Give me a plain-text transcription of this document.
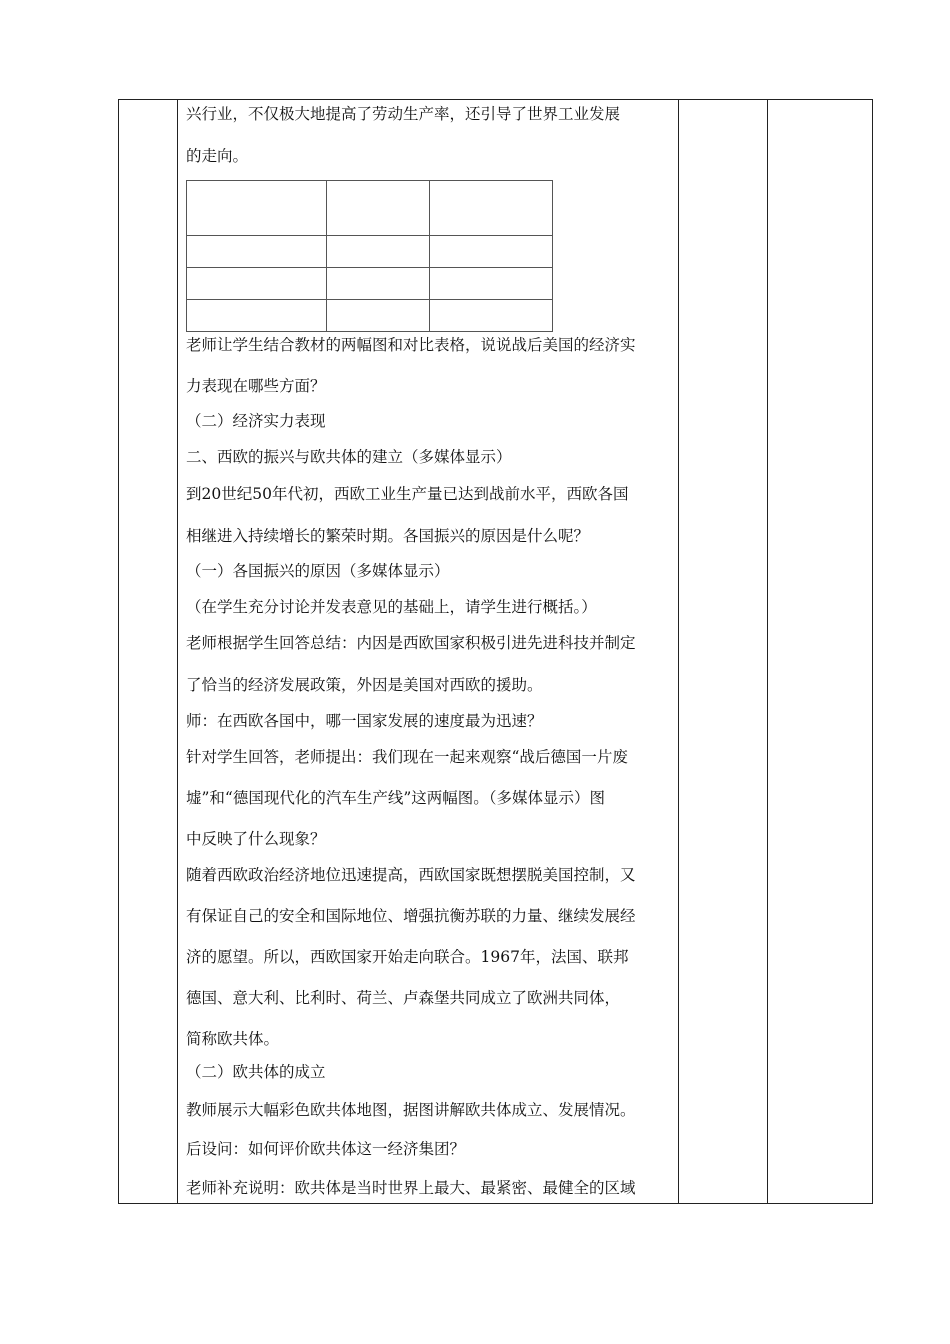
兴行业，不仅极大地提高了劳动生产率，还引导了世界工业发展
的走向。

老师让学生结合教材的两幅图和对比表格，说说战后美国的经济实
力表现在哪些方面？
（二）经济实力表现
二、西欧的振兴与欧共体的建立（多媒体显示）
到20世纪50年代初，西欧工业生产量已达到战前水平，西欧各国
相继进入持续增长的繁荣时期。各国振兴的原因是什么呢？
（一）各国振兴的原因（多媒体显示）
（在学生充分讨论并发表意见的基础上，请学生进行概括。）
老师根据学生回答总结：内因是西欧国家积极引进先进科技并制定
了恰当的经济发展政策，外因是美国对西欧的援助。
师：在西欧各国中，哪一国家发展的速度最为迅速？
针对学生回答，老师提出：我们现在一起来观察“战后德国一片废
墟”和“德国现代化的汽车生产线”这两幅图。（多媒体显示）图
中反映了什么现象？
随着西欧政治经济地位迅速提高，西欧国家既想摆脱美国控制，又
有保证自己的安全和国际地位、增强抗衡苏联的力量、继续发展经
济的愿望。所以，西欧国家开始走向联合。1967年，法国、联邦
德国、意大利、比利时、荷兰、卢森堡共同成立了欧洲共同体，
简称欧共体。
（二）欧共体的成立
教师展示大幅彩色欧共体地图，据图讲解欧共体成立、发展情况。
后设问：如何评价欧共体这一经济集团？
老师补充说明：欧共体是当时世界上最大、最紧密、最健全的区域
